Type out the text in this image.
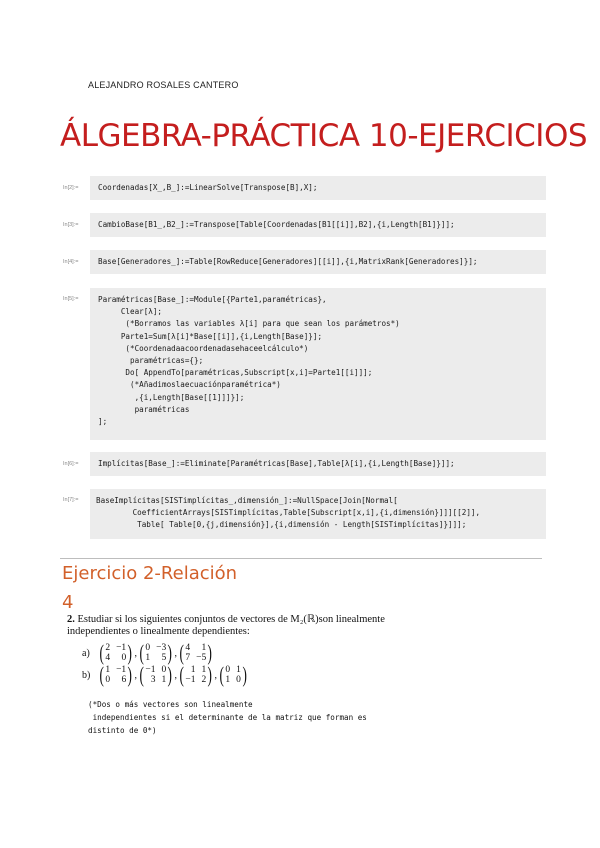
ALEJANDRO ROSALES CANTERO
ÁLGEBRA-PRÁCTICA 10-EJERCICIOS
In[2]:=	Coordenadas[X_,B_]:=LinearSolve[Transpose[B],X];
In[3]:=	CambioBase[B1_,B2_]:=Transpose[Table[Coordenadas[B1[[i]],B2],{i,Length[B1]}]];
In[4]:=	Base[Generadores_]:=Table[RowReduce[Generadores][[i]],{i,MatrixRank[Generadores]}];
In[5]:=	Paramétricas[Base_]:=Module[{Parte1,paramétricas},
Clear[λ];
(*Borramos las variables λ[i] para que sean los parámetros*)
Parte1=Sum[λ[i]*Base[[i]],{i,Length[Base]}];
(*Coordenadaacoordenadasehaceelcálculo*)
paramétricas={};
Do[ AppendTo[paramétricas,Subscript[x,i]=Parte1[[i]]];
(*Añadimoslaecuaciónparamétrica*)
,{i,Length[Base[[1]]]}];
paramétricas
];
In[6]:=	Implícitas[Base_]:=Eliminate[Paramétricas[Base],Table[λ[i],{i,Length[Base]}]];
In[7]:=	BaseImplícitas[SISTimplícitas_,dimensión_]:=NullSpace[Join[Normal[
CoefficientArrays[SISTimplícitas,Table[Subscript[x,i],{i,dimensión}]]][[2]],
Table[ Table[0,{j,dimensión}],{i,dimensión - Length[SISTimplícitas]}]]];
Ejercicio 2-Relación
4
2. Estudiar si los siguientes conjuntos de vectores de M₂(ℝ)son linealmente independientes o linealmente dependientes:
a) ( 2 −1
4	0 ) , ( 0 −3
1	5 ) , ( 4	1
7 −5 )
b) ( 1 −1
0	6 ) , ( −1 0
3 1 ) , ( 1 1
−1 2 ) , ( 0 1
1 0 )
(*Dos o más vectores son linealmente
independientes si el determinante de la matriz que forman es
distinto de 0*)
